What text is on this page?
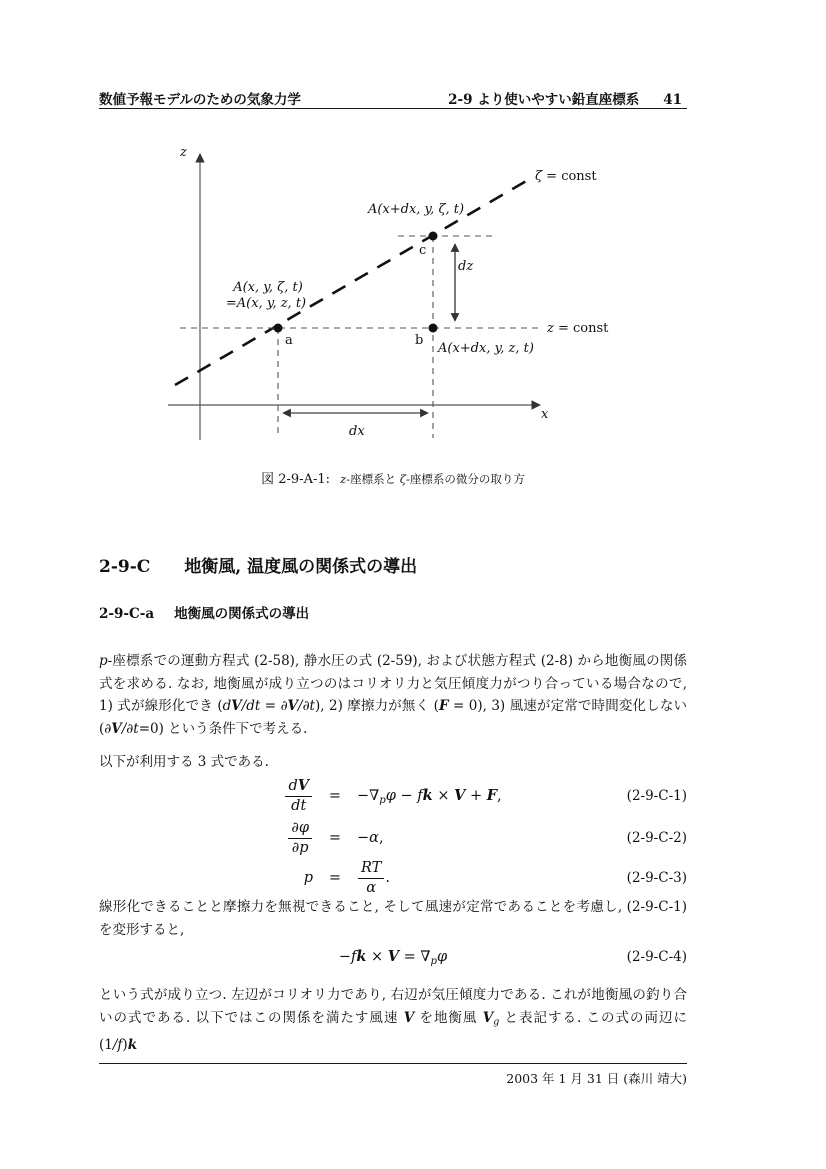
数値予報モデルのための気象力学	2-9 より使いやすい鉛直座標系 41
z
x
ζ = const
z = const
A(x+dx, y, ζ, t)
c
A(x, y, ζ, t)
=A(x, y, z, t)
a	b
A(x+dx, y, z, t)
dz
dx
図 2-9-A-1: z-座標系と ζ-座標系の微分の取り方
2-9-C 地衡風, 温度風の関係式の導出
2-9-C-a 地衡風の関係式の導出
p-座標系での運動方程式 (2-58), 静水圧の式 (2-59), および状態方程式 (2-8) から地衡風の関係式を求める. なお, 地衡風が成り立つのはコリオリ力と気圧傾度力がつり合っている場合なので, 1) 式が線形化でき (dV/dt = ∂V/∂t), 2) 摩擦力が無く (F = 0), 3) 風速が定常で時間変化しない (∂V/∂t=0) という条件下で考える.
以下が利用する 3 式である.
$\frac{dV}{dt} = -\nabla p\varphi$ − fk × V + F,	(2-9-C-1)
$\frac{\partial\varphi}{\partial p} = -\alpha$,	(2-9-C-2)
$p = \frac{RT}{\alpha}$ .	(2-9-C-3)
線形化できることと摩擦力を無視できること, そして風速が定常であることを考慮し, (2-9-C-1) を変形すると,
−fk × V = ∇pφ	(2-9-C-4)
という式が成り立つ. 左辺がコリオリ力であり, 右辺が気圧傾度力である. これが地衡風の釣り合いの式である. 以下ではこの関係を満たす風速 V を地衡風 Vg と表記する. この式の両辺に (1/f)k
2003 年 1 月 31 日 (森川 靖大)
